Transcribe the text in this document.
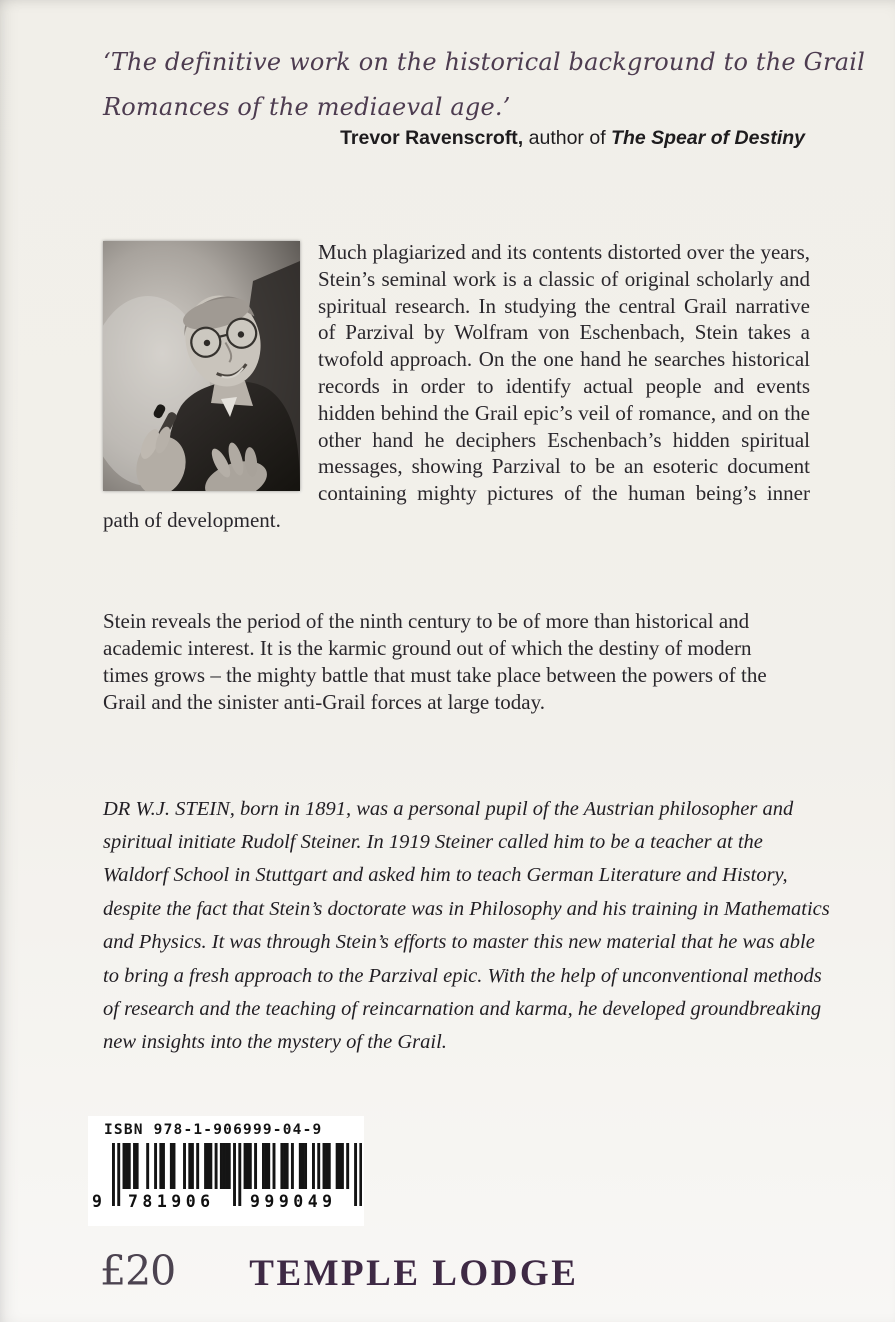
‘The definitive work on the historical background to the Grail
Romances of the mediaeval age.’
Trevor Ravenscroft, author of The Spear of Destiny

Much plagiarized and its contents distorted over the years, Stein’s seminal work is a classic of original scholarly and spiritual research. In studying the central Grail narrative of Parzival by Wolfram von Eschenbach, Stein takes a twofold approach. On the one hand he searches historical records in order to identify actual people and events hidden behind the Grail epic’s veil of romance, and on the other hand he deciphers Eschenbach’s hidden spiritual messages, showing Parzival to be an esoteric document containing mighty pictures of the human being’s inner path of development.

Stein reveals the period of the ninth century to be of more than historical and academic interest. It is the karmic ground out of which the destiny of modern times grows – the mighty battle that must take place between the powers of the Grail and the sinister anti-Grail forces at large today.

DR W.J. STEIN, born in 1891, was a personal pupil of the Austrian philosopher and spiritual initiate Rudolf Steiner. In 1919 Steiner called him to be a teacher at the Waldorf School in Stuttgart and asked him to teach German Literature and History, despite the fact that Stein’s doctorate was in Philosophy and his training in Mathematics and Physics. It was through Stein’s efforts to master this new material that he was able to bring a fresh approach to the Parzival epic. With the help of unconventional methods of research and the teaching of reincarnation and karma, he developed groundbreaking new insights into the mystery of the Grail.

ISBN 978-1-906999-04-9
9 781906 999049
£20 TEMPLE LODGE
